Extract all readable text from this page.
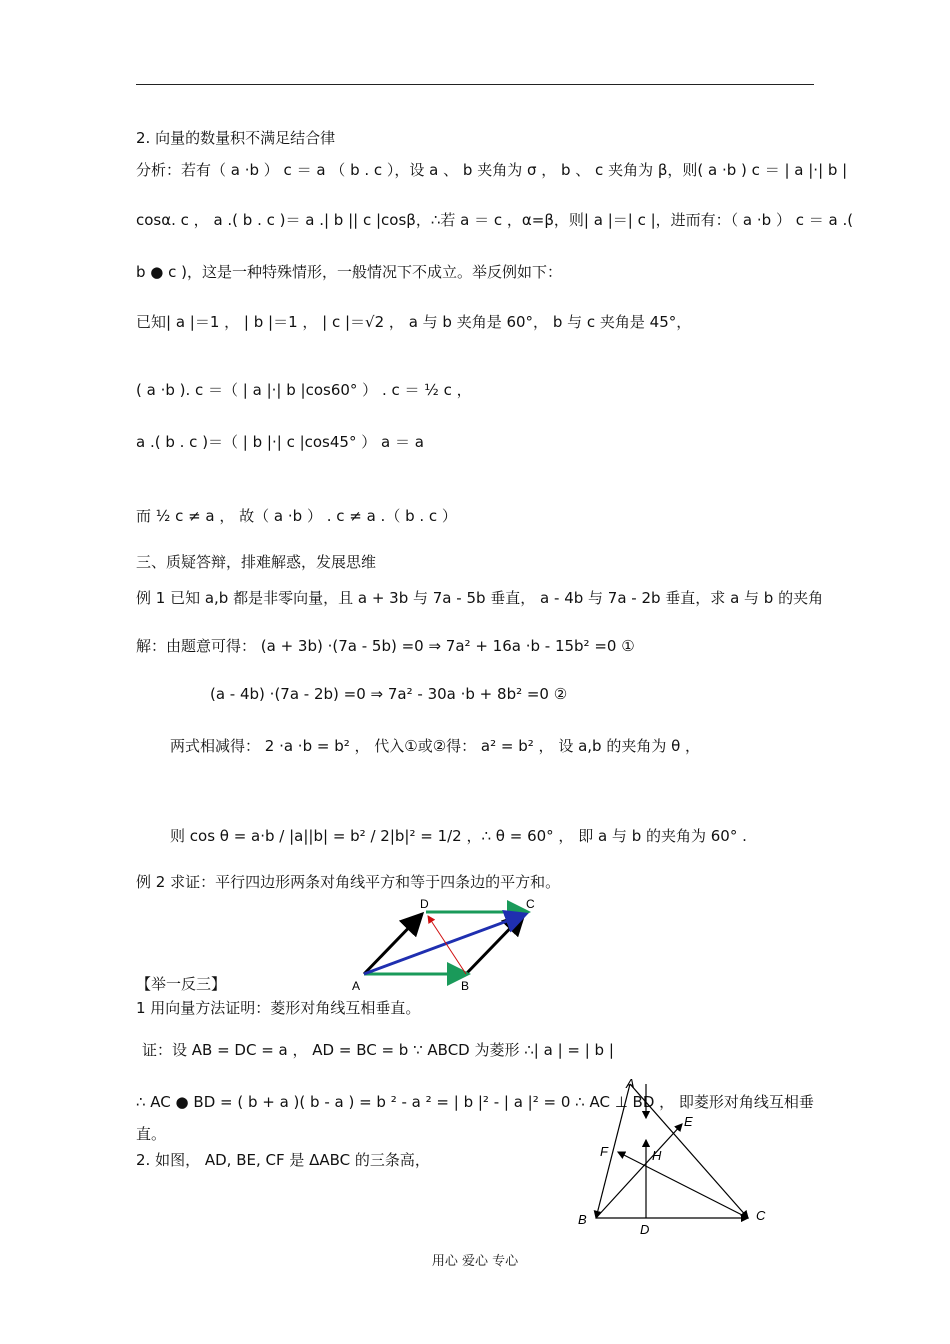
2. 向量的数量积不满足结合律
分析：若有（ a ·b ） c ＝ a （ b . c ），设 a 、 b 夹角为 σ ， b 、 c 夹角为 β，则( a ·b ) c ＝ | a |·| b |
cosα. c ， a .( b . c )＝ a .| b || c |cosβ，∴若 a ＝ c ，α=β，则| a |＝| c |，进而有：（ a ·b ） c ＝ a .(
b ● c )，这是一种特殊情形，一般情况下不成立。举反例如下：
已知| a |＝1 ， | b |＝1 ， | c |＝√2 ， a 与 b 夹角是 60°， b 与 c 夹角是 45°，
( a ·b ). c ＝（ | a |·| b |cos60° ） . c ＝ ½ c ，
a .( b . c )＝（ | b |·| c |cos45° ） a ＝ a
而 ½ c ≠ a ， 故（ a ·b ） . c ≠ a .（ b . c ）
三、质疑答辩，排难解惑，发展思维
例 1 已知 a,b 都是非零向量，且 a + 3b 与 7a - 5b 垂直， a - 4b 与 7a - 2b 垂直，求 a 与 b 的夹角
解：由题意可得： (a + 3b) ·(7a - 5b) =0 ⇒ 7a² + 16a ·b - 15b² =0 ①
(a - 4b) ·(7a - 2b) =0 ⇒ 7a² - 30a ·b + 8b² =0 ②
两式相减得： 2 ·a ·b = b² ， 代入①或②得： a² = b² ， 设 a,b 的夹角为 θ ，
则 cos θ = a·b / |a||b| = b² / 2|b|² = 1/2 ，∴ θ = 60° ， 即 a 与 b 的夹角为 60° .
例 2 求证：平行四边形两条对角线平方和等于四条边的平方和。
A	B
C
D
【举一反三】
1 用向量方法证明：菱形对角线互相垂直。
证：设 AB = DC = a ， AD = BC = b ∵ ABCD 为菱形 ∴| a | = | b |
∴ AC ● BD = ( b + a )( b - a ) = b ² - a ² = | b |² - | a |² = 0 ∴ AC ⊥ BD ， 即菱形对角线互相垂
直。
2. 如图， AD, BE, CF 是 ΔABC 的三条高，
A
B	C
D
E
F	H
用心 爱心 专心
